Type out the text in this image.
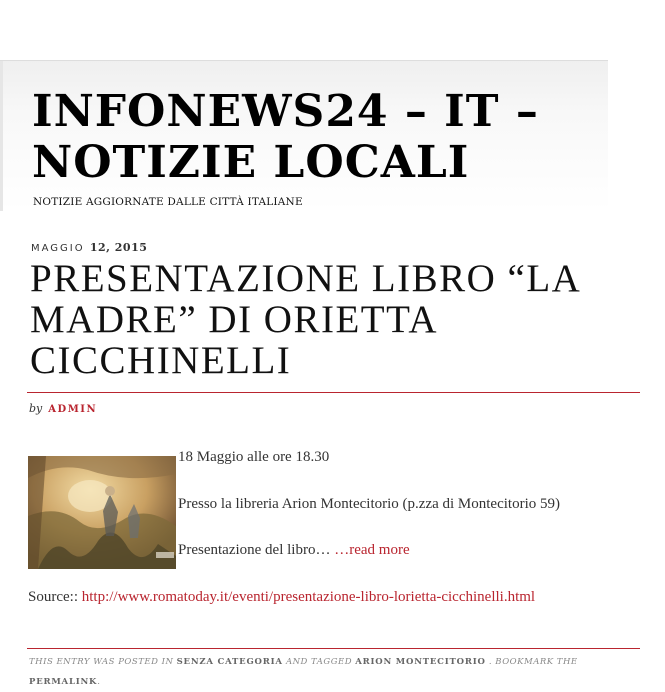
INFONEWS24 – IT – NOTIZIE LOCALI

NOTIZIE AGGIORNATE DALLE CITTÀ ITALIANE

MAGGIO 12, 2015

PRESENTAZIONE LIBRO “LA MADRE” DI ORIETTA CICCHINELLI

by ADMIN

18 Maggio alle ore 18.30

Presso la libreria Arion Montecitorio (p.zza di Montecitorio 59)

Presentazione del libro… …read more

Source:: http://www.romatoday.it/eventi/presentazione-libro-lorietta-cicchinelli.html

THIS ENTRY WAS POSTED IN SENZA CATEGORIA AND TAGGED ARION MONTECITORIO . BOOKMARK THE
PERMALINK.
